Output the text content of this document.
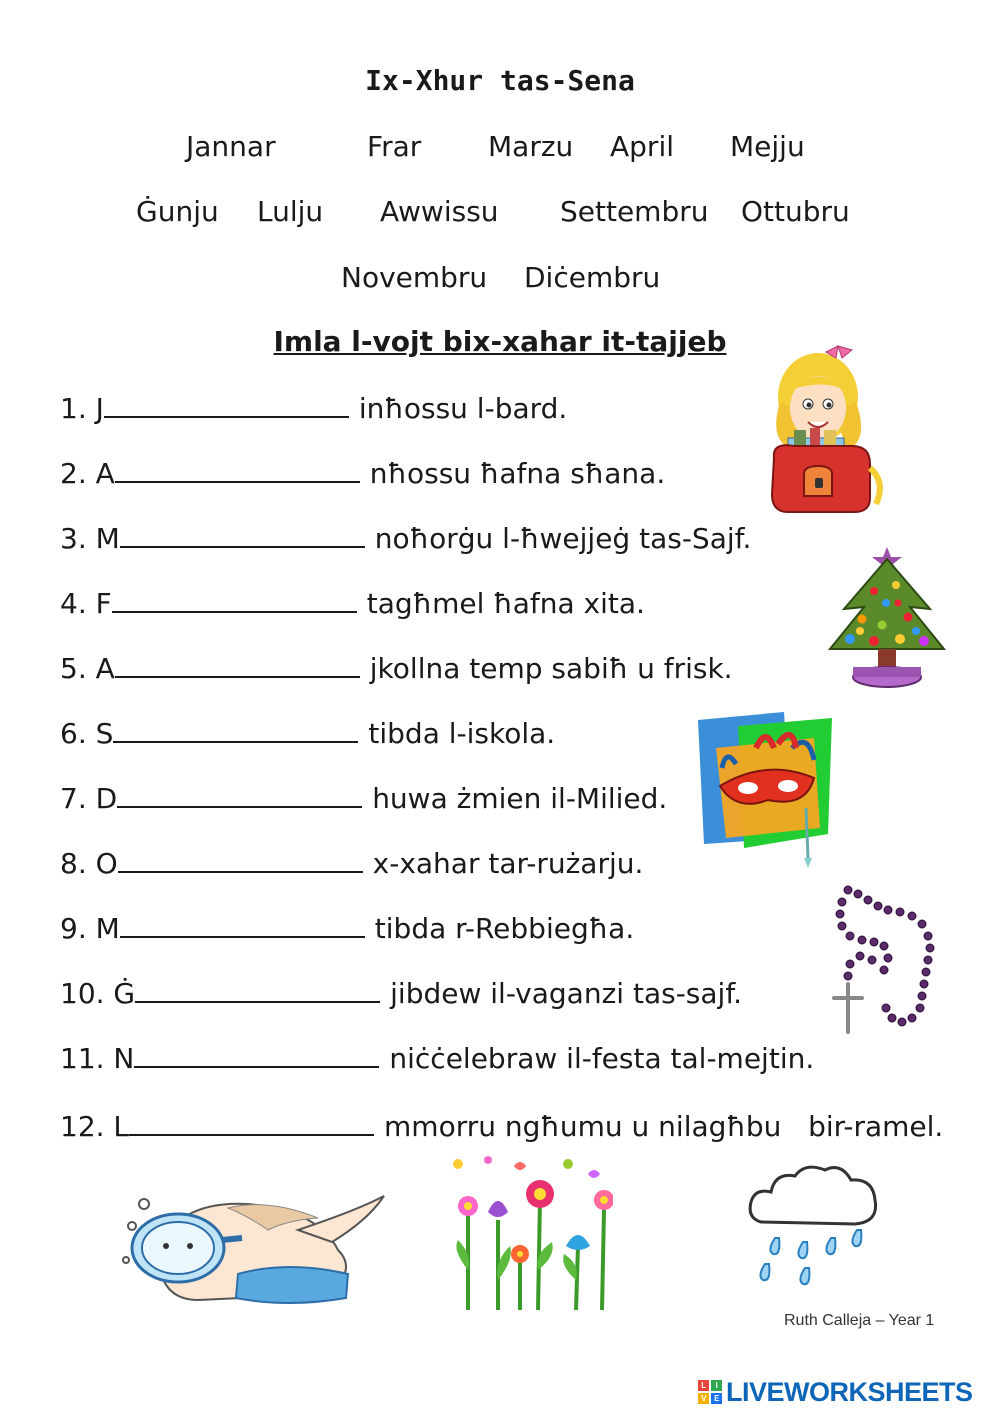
Ix-Xhur tas-Sena
Jannar	Frar Marzu April Mejju
Ġunju Lulju Awwissu Settembru Ottubru
Novembru Diċembru
Imla l-vojt bix-xahar it-tajjeb
1. J	inħossu l-bard.
2. A	nħossu ħafna sħana.
3. M	noħorġu l-ħwejjeġ tas-Sajf.
4. F	tagħmel ħafna xita.
5. A	jkollna temp sabiħ u frisk.
6. S	tibda l-iskola.
7. D	huwa żmien il-Milied.
8. O	x-xahar tar-rużarju.
9. M	tibda r-Rebbiegħa.
10. Ġ	jibdew il-vaganzi tas-sajf.
11. N	niċċelebraw il-festa tal-mejtin.
12. L	mmorru ngħumu u nilagħbu   bir-ramel.
Ruth Calleja – Year 1
L	I
V	E LIVEWORKSHEETS
